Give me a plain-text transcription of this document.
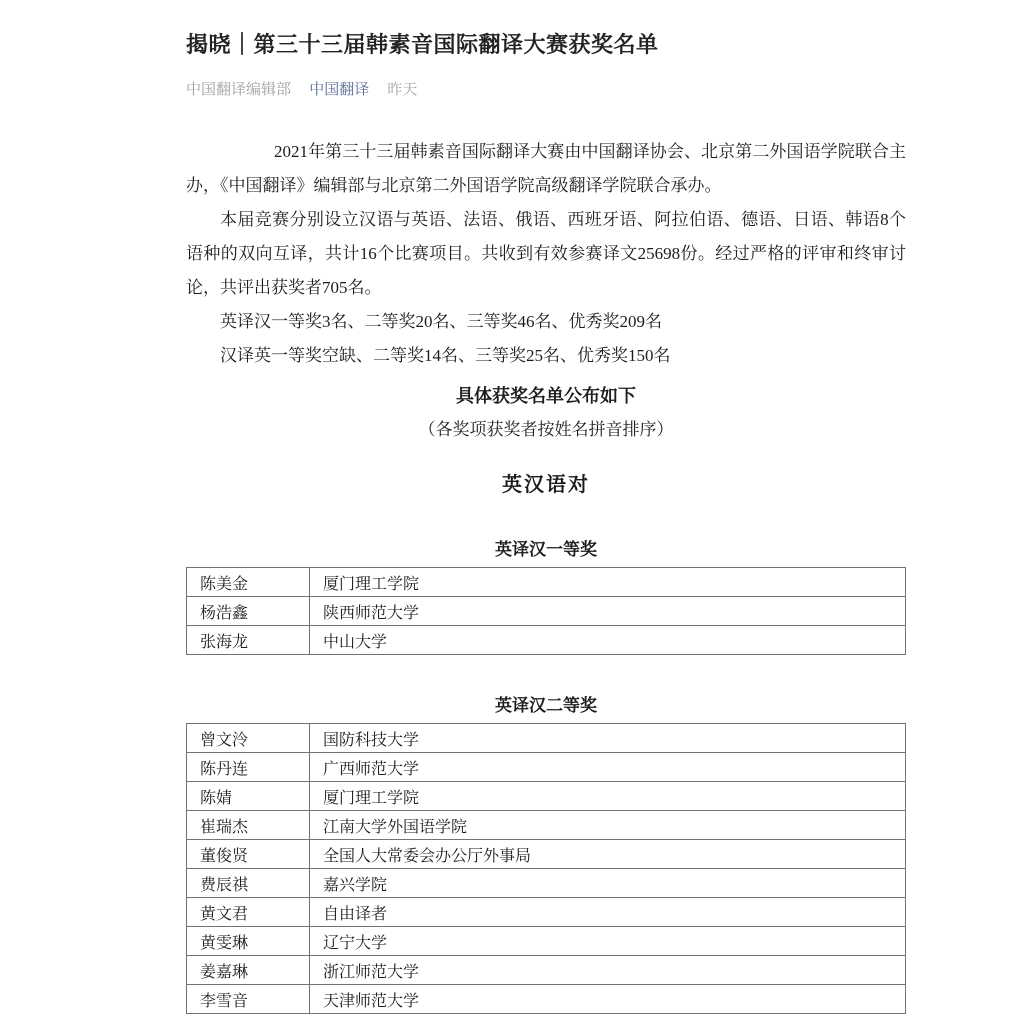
揭晓｜第三十三届韩素音国际翻译大赛获奖名单
中国翻译编辑部 中国翻译 昨天

2021年第三十三届韩素音国际翻译大赛由中国翻译协会、北京第二外国语学院联合主办，《中国翻译》编辑部与北京第二外国语学院高级翻译学院联合承办。

本届竞赛分别设立汉语与英语、法语、俄语、西班牙语、阿拉伯语、德语、日语、韩语8个语种的双向互译，共计16个比赛项目。共收到有效参赛译文25698份。经过严格的评审和终审讨论，共评出获奖者705名。

英译汉一等奖3名、二等奖20名、三等奖46名、优秀奖209名

汉译英一等奖空缺、二等奖14名、三等奖25名、优秀奖150名

具体获奖名单公布如下

（各奖项获奖者按姓名拼音排序）

英汉语对
英译汉一等奖
陈美金	厦门理工学院
杨浩鑫	陕西师范大学
张海龙	中山大学
英译汉二等奖
曾文泠	国防科技大学
陈丹连	广西师范大学
陈婧	厦门理工学院
崔瑞杰	江南大学外国语学院
董俊贤	全国人大常委会办公厅外事局
费辰祺	嘉兴学院
黄文君	自由译者
黄雯琳	辽宁大学
姜嘉琳	浙江师范大学
李雪音	天津师范大学
